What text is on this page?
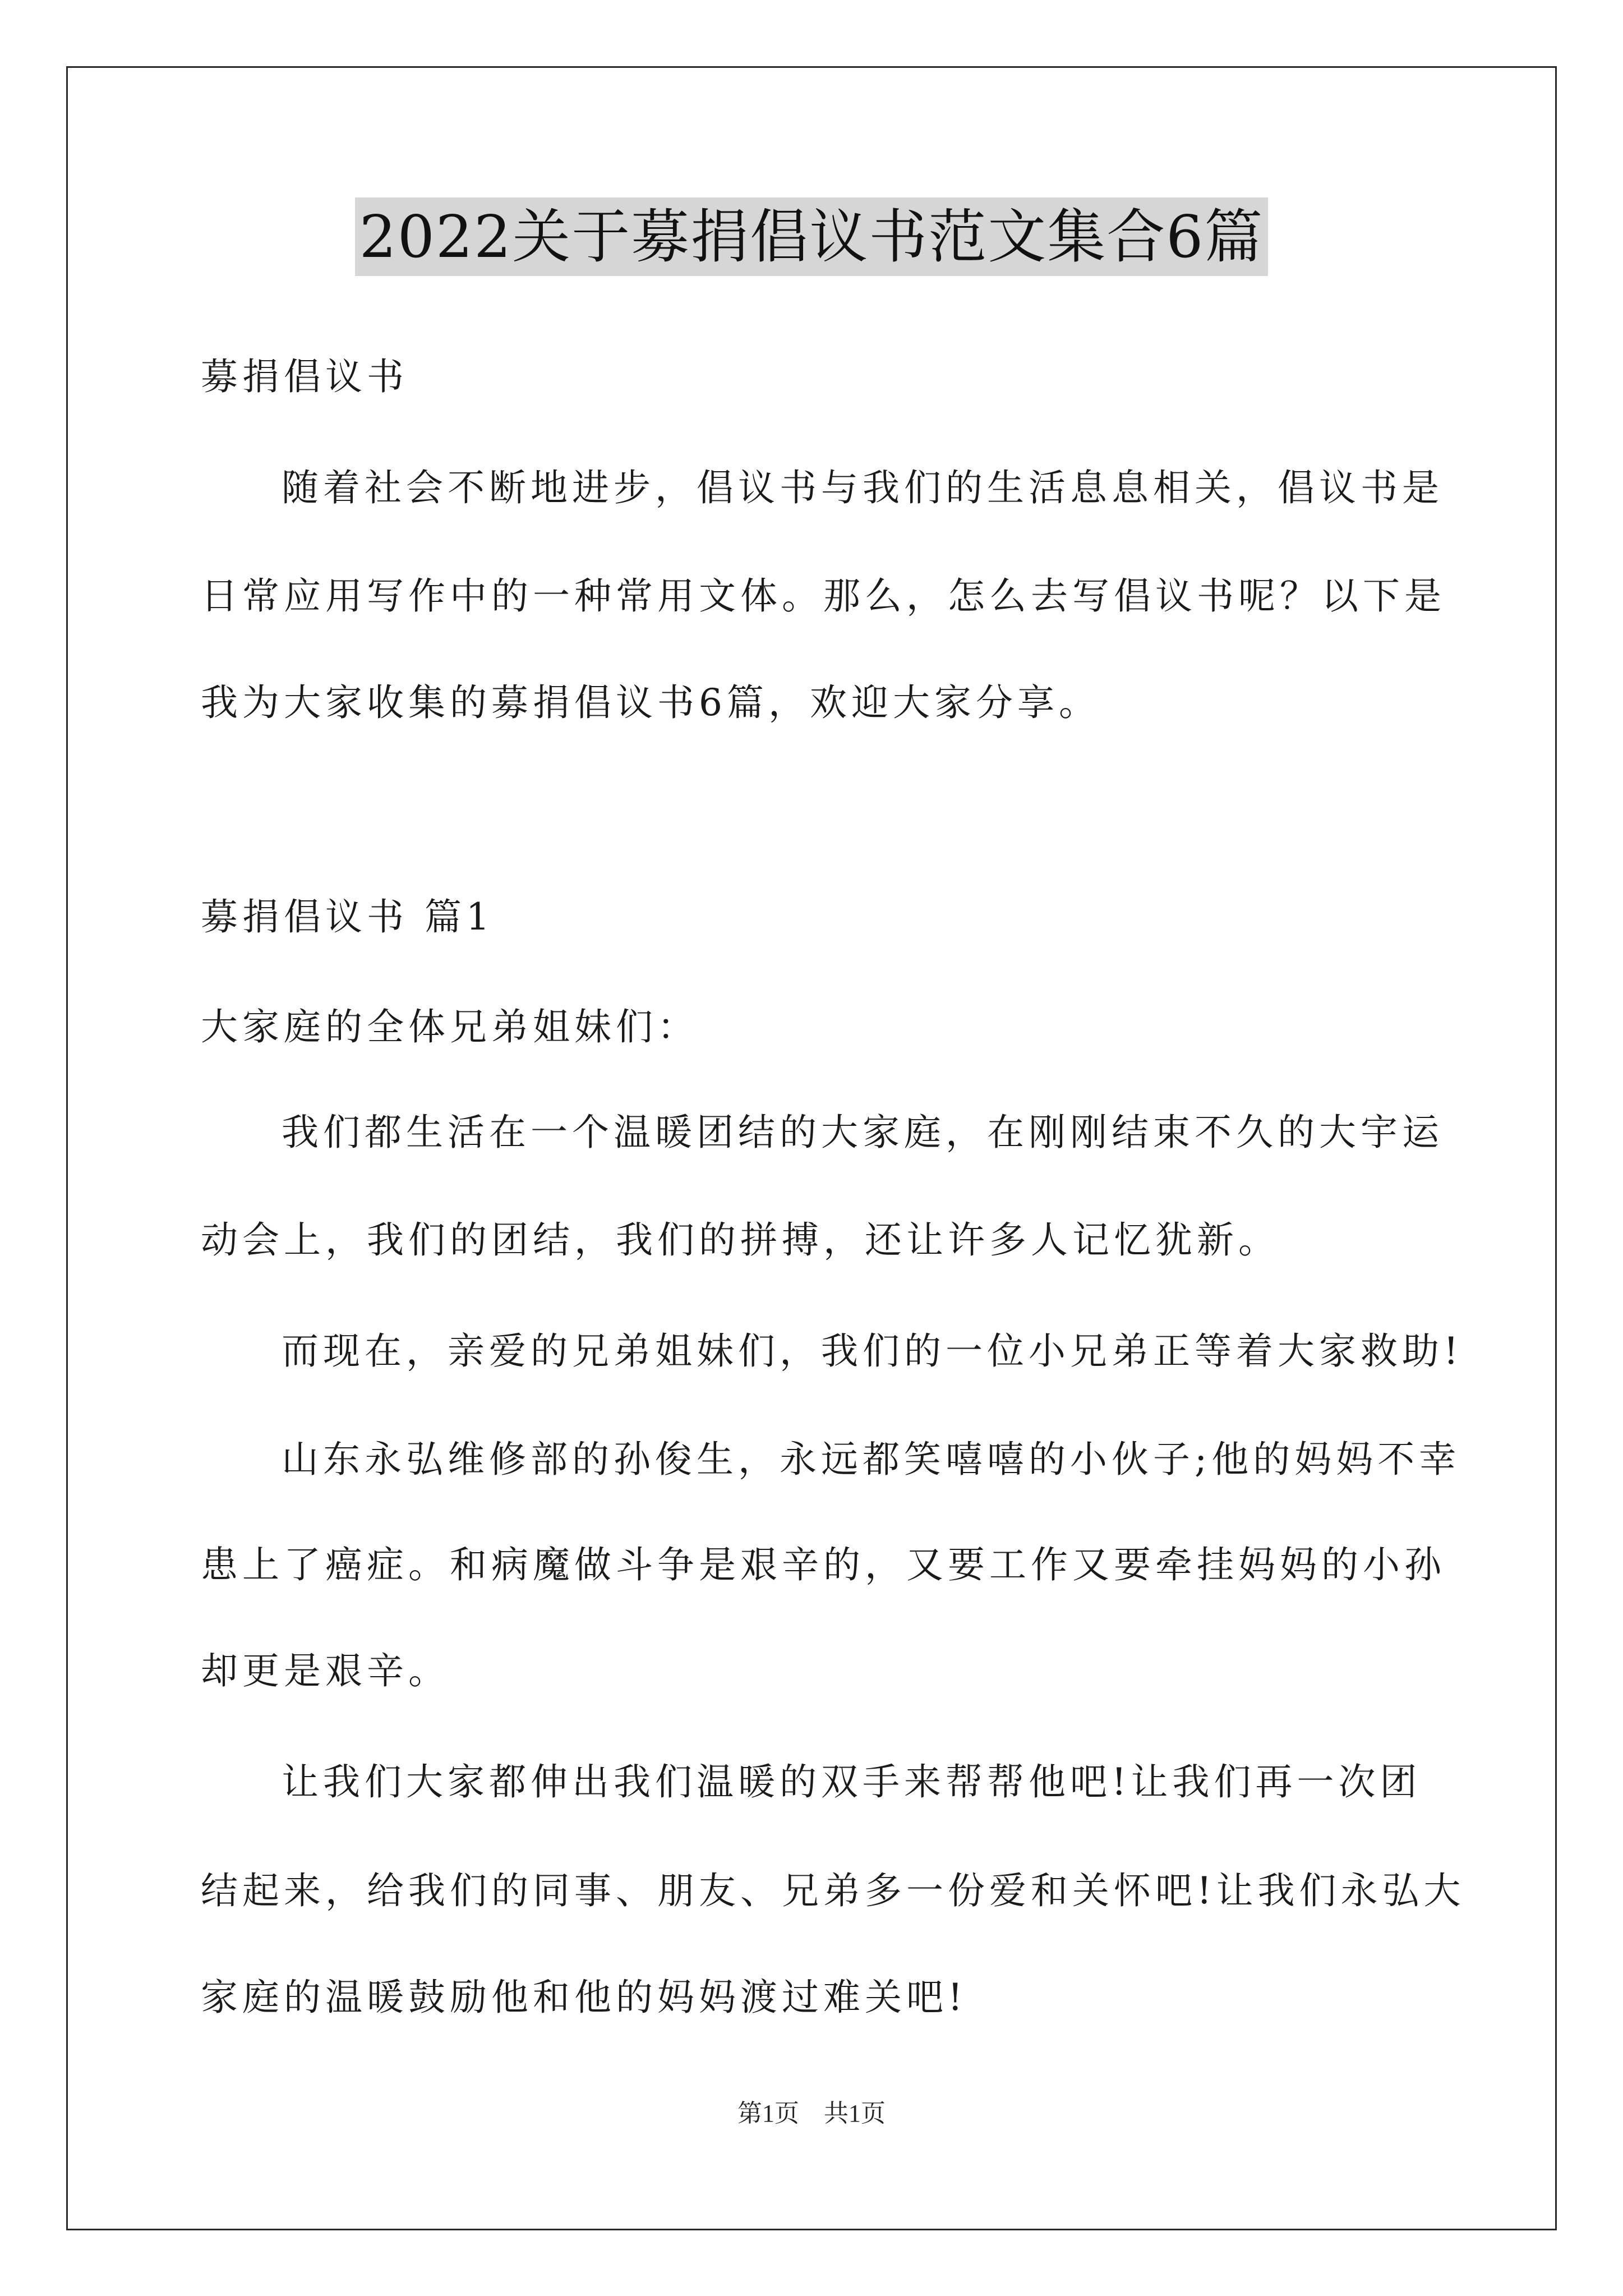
2022关于募捐倡议书范文集合6篇
募捐倡议书
随着社会不断地进步，倡议书与我们的生活息息相关，倡议书是
日常应用写作中的一种常用文体。那么，怎么去写倡议书呢？以下是
我为大家收集的募捐倡议书6篇，欢迎大家分享。
募捐倡议书 篇1
大家庭的全体兄弟姐妹们：
我们都生活在一个温暖团结的大家庭，在刚刚结束不久的大宇运
动会上，我们的团结，我们的拼搏，还让许多人记忆犹新。
而现在，亲爱的兄弟姐妹们，我们的一位小兄弟正等着大家救助!
山东永弘维修部的孙俊生，永远都笑嘻嘻的小伙子;他的妈妈不幸
患上了癌症。和病魔做斗争是艰辛的，又要工作又要牵挂妈妈的小孙
却更是艰辛。
让我们大家都伸出我们温暖的双手来帮帮他吧!让我们再一次团
结起来，给我们的同事、朋友、兄弟多一份爱和关怀吧!让我们永弘大
家庭的温暖鼓励他和他的妈妈渡过难关吧!
第1页　共1页
